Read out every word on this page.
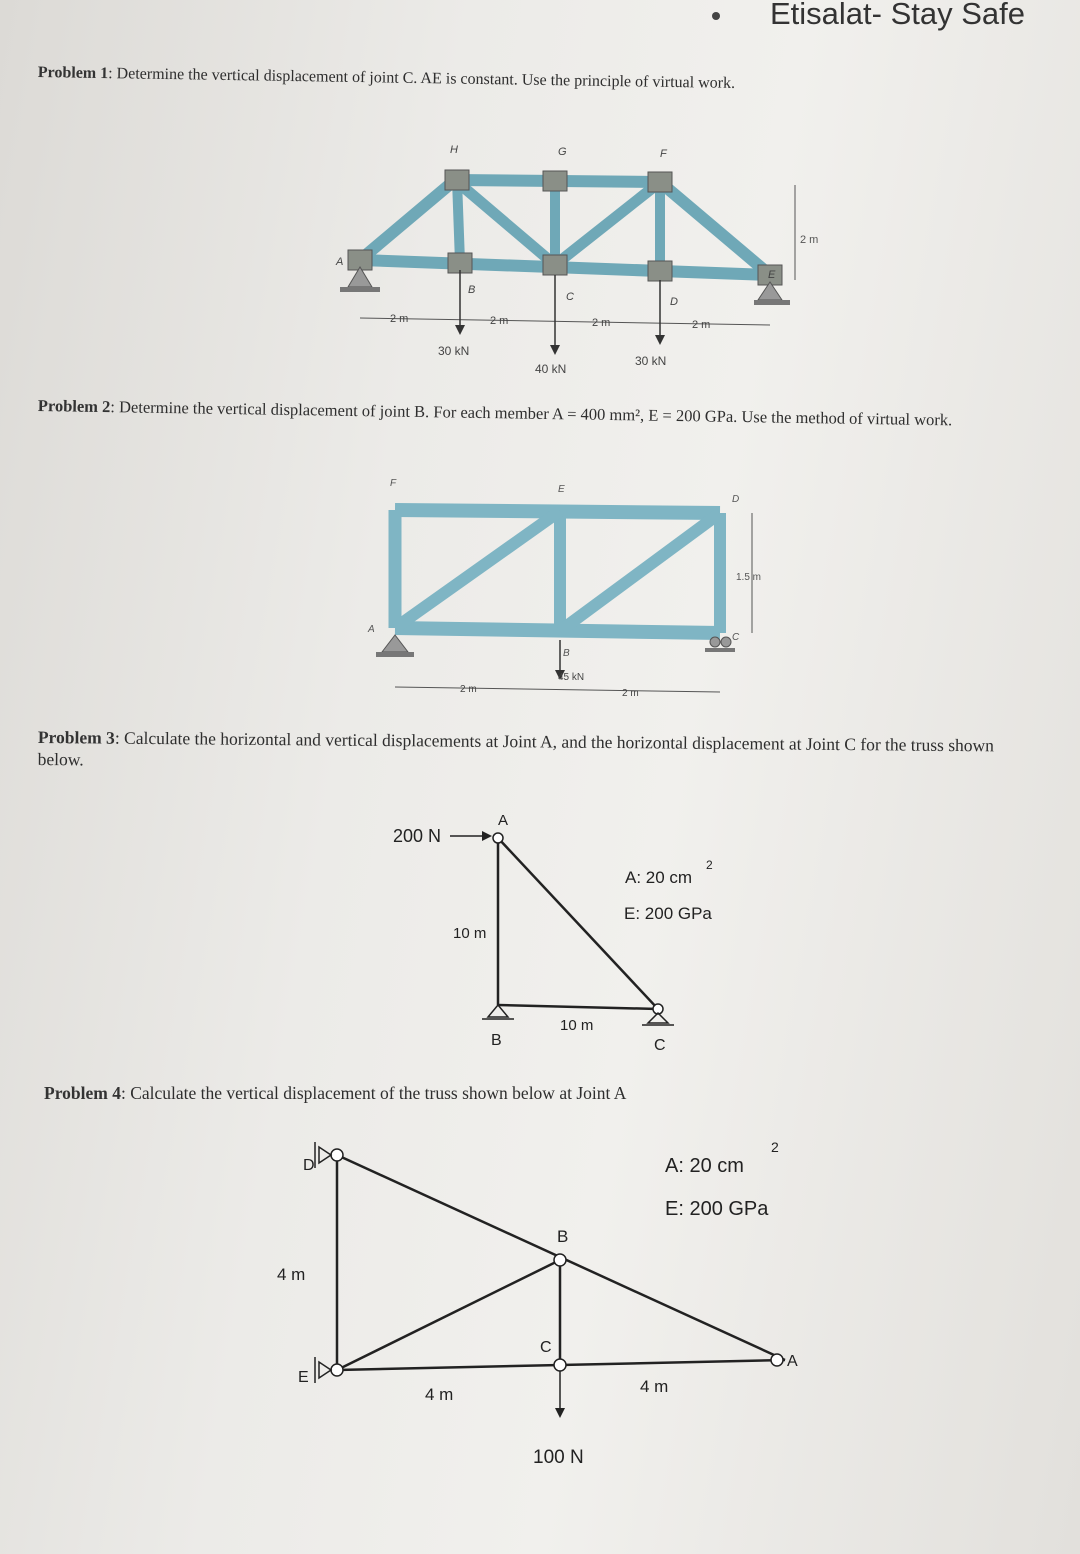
Etisalat- Stay Safe
Problem 1: Determine the vertical displacement of joint C. AE is constant. Use the principle of virtual work.
A
H	G	F
B
C	D
E
2 m
2 m	2 m	2 m	2 m
30 kN
40 kN
30 kN
Problem 2: Determine the vertical displacement of joint B. For each member A = 400 mm², E = 200 GPa. Use the method of virtual work.
F
E
D
A
B
C
1.5 m
45 kN
2 m	2 m
Problem 3: Calculate the horizontal and vertical displacements at Joint A, and the horizontal displacement at Joint C for the truss shown below.
200 N
A
B	C
10 m
10 m
A: 20 cm
2
E: 200 GPa
Problem 4: Calculate the vertical displacement of the truss shown below at Joint A
D
E
B
C
A
4 m
4 m	4 m
100 N
A: 20 cm
2
E: 200 GPa
